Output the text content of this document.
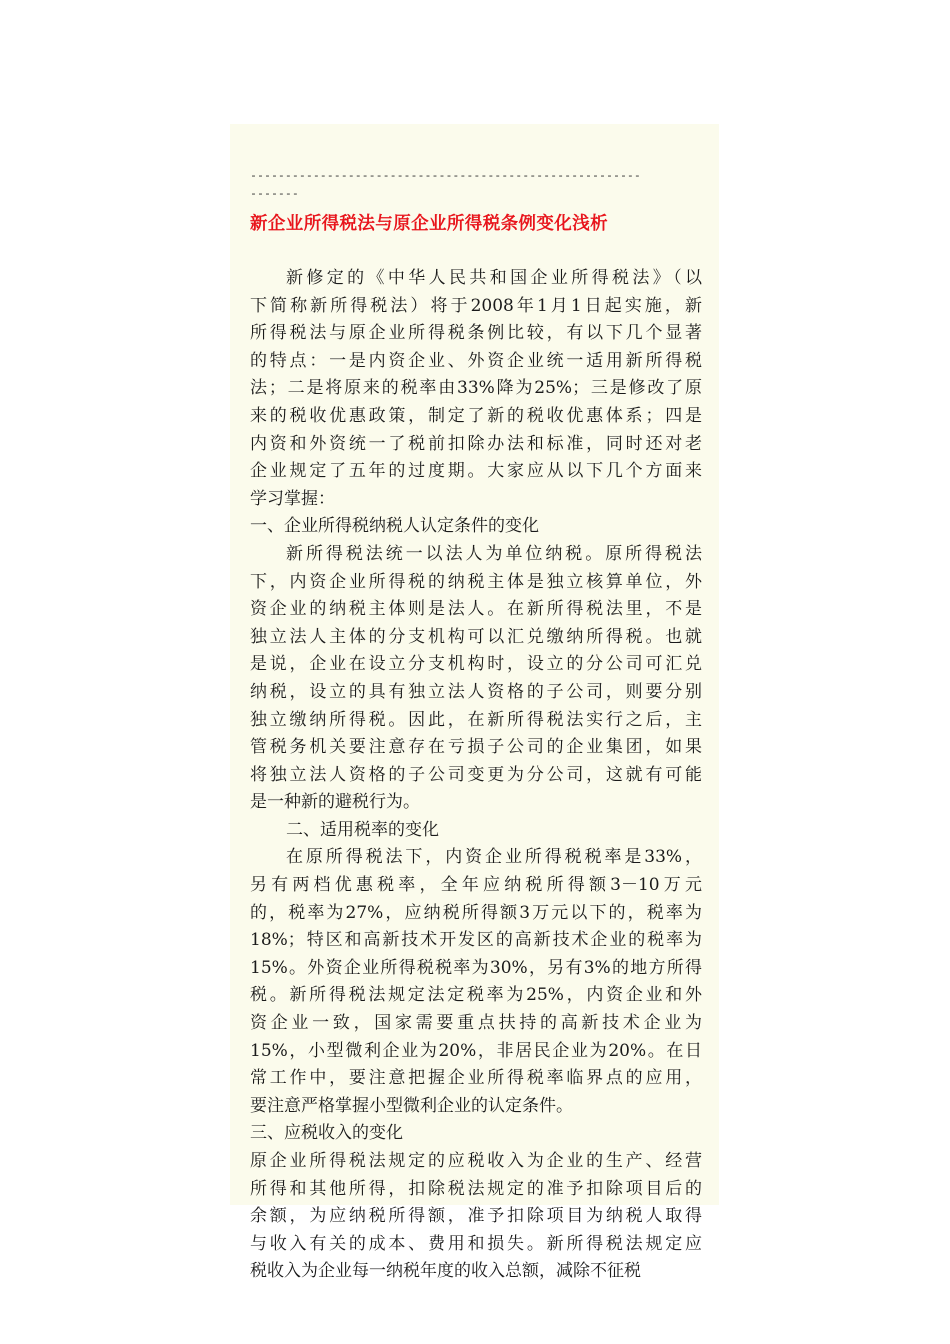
--------------------------------------------------------
-------
新企业所得税法与原企业所得税条例变化浅析
新修定的《中华人民共和国企业所得税法》（以
下简称新所得税法）将于2008年1月1日起实施，新
所得税法与原企业所得税条例比较，有以下几个显著
的特点：一是内资企业、外资企业统一适用新所得税
法；二是将原来的税率由33%降为25%；三是修改了原
来的税收优惠政策，制定了新的税收优惠体系；四是
内资和外资统一了税前扣除办法和标准，同时还对老
企业规定了五年的过度期。大家应从以下几个方面来
学习掌握：
一、企业所得税纳税人认定条件的变化
新所得税法统一以法人为单位纳税。原所得税法
下，内资企业所得税的纳税主体是独立核算单位，外
资企业的纳税主体则是法人。在新所得税法里，不是
独立法人主体的分支机构可以汇兑缴纳所得税。也就
是说，企业在设立分支机构时，设立的分公司可汇兑
纳税，设立的具有独立法人资格的子公司，则要分别
独立缴纳所得税。因此，在新所得税法实行之后，主
管税务机关要注意存在亏损子公司的企业集团，如果
将独立法人资格的子公司变更为分公司，这就有可能
是一种新的避税行为。
二、适用税率的变化
在原所得税法下，内资企业所得税税率是33%，
另有两档优惠税率，全年应纳税所得额3－10万元
的，税率为27%，应纳税所得额3万元以下的，税率为
18%；特区和高新技术开发区的高新技术企业的税率为
15%。外资企业所得税税率为30%，另有3%的地方所得
税。新所得税法规定法定税率为25%，内资企业和外
资企业一致，国家需要重点扶持的高新技术企业为
15%，小型微利企业为20%，非居民企业为20%。在日
常工作中，要注意把握企业所得税率临界点的应用，
要注意严格掌握小型微利企业的认定条件。
三、应税收入的变化
原企业所得税法规定的应税收入为企业的生产、经营
所得和其他所得，扣除税法规定的准予扣除项目后的
余额，为应纳税所得额，准予扣除项目为纳税人取得
与收入有关的成本、费用和损失。新所得税法规定应
税收入为企业每一纳税年度的收入总额，减除不征税
